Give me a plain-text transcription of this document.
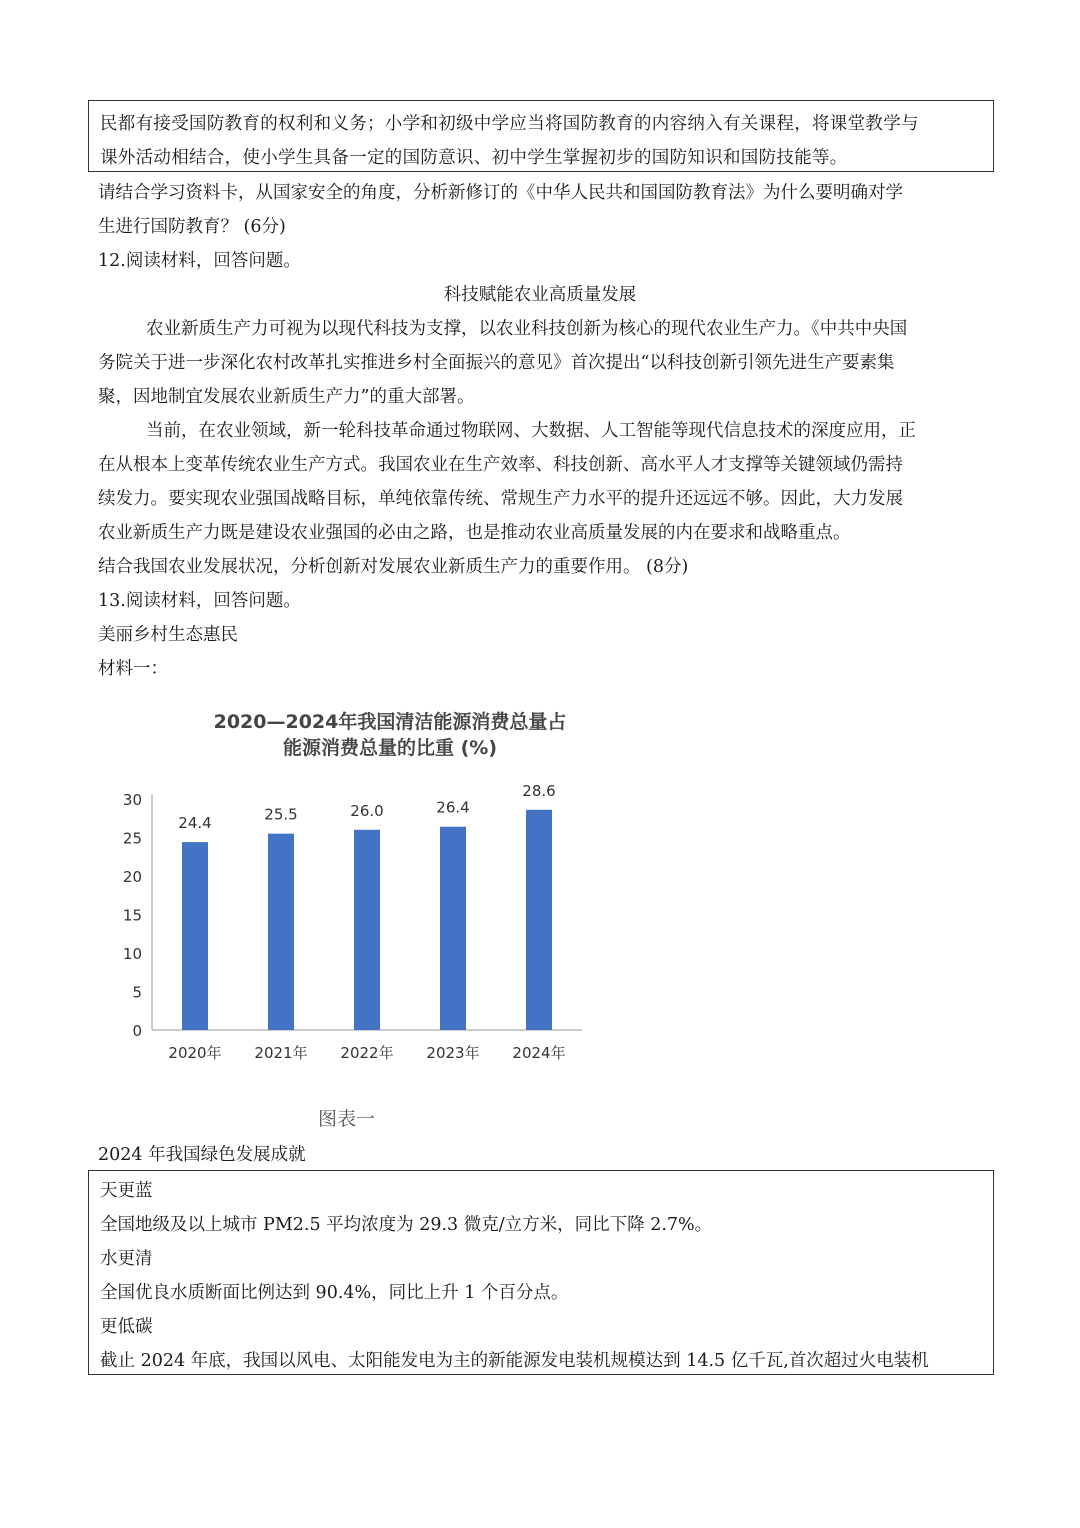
民都有接受国防教育的权利和义务；小学和初级中学应当将国防教育的内容纳入有关课程，将课堂教学与
课外活动相结合，使小学生具备一定的国防意识、初中学生掌握初步的国防知识和国防技能等。
请结合学习资料卡，从国家安全的角度，分析新修订的《中华人民共和国国防教育法》为什么要明确对学
生进行国防教育？ (6分)
12.阅读材料，回答问题。
科技赋能农业高质量发展
农业新质生产力可视为以现代科技为支撑，以农业科技创新为核心的现代农业生产力。《中共中央国
务院关于进一步深化农村改革扎实推进乡村全面振兴的意见》首次提出“以科技创新引领先进生产要素集
聚，因地制宜发展农业新质生产力”的重大部署。
当前，在农业领域，新一轮科技革命通过物联网、大数据、人工智能等现代信息技术的深度应用，正
在从根本上变革传统农业生产方式。我国农业在生产效率、科技创新、高水平人才支撑等关键领域仍需持
续发力。要实现农业强国战略目标，单纯依靠传统、常规生产力水平的提升还远远不够。因此，大力发展
农业新质生产力既是建设农业强国的必由之路，也是推动农业高质量发展的内在要求和战略重点。
结合我国农业发展状况，分析创新对发展农业新质生产力的重要作用。 (8分)
13.阅读材料，回答问题。
美丽乡村生态惠民
材料一：
2020—2024年我国清洁能源消费总量占
能源消费总量的比重 (%)
0
5
10
15
20
25
30
24.4
2020年
25.5
2021年
26.0
2022年
26.4
2023年
28.6
2024年
图表一
2024 年我国绿色发展成就
天更蓝
全国地级及以上城市 PM2.5 平均浓度为 29.3 微克/立方米，同比下降 2.7%。
水更清
全国优良水质断面比例达到 90.4%，同比上升 1 个百分点。
更低碳
截止 2024 年底，我国以风电、太阳能发电为主的新能源发电装机规模达到 14.5 亿千瓦,首次超过火电装机
